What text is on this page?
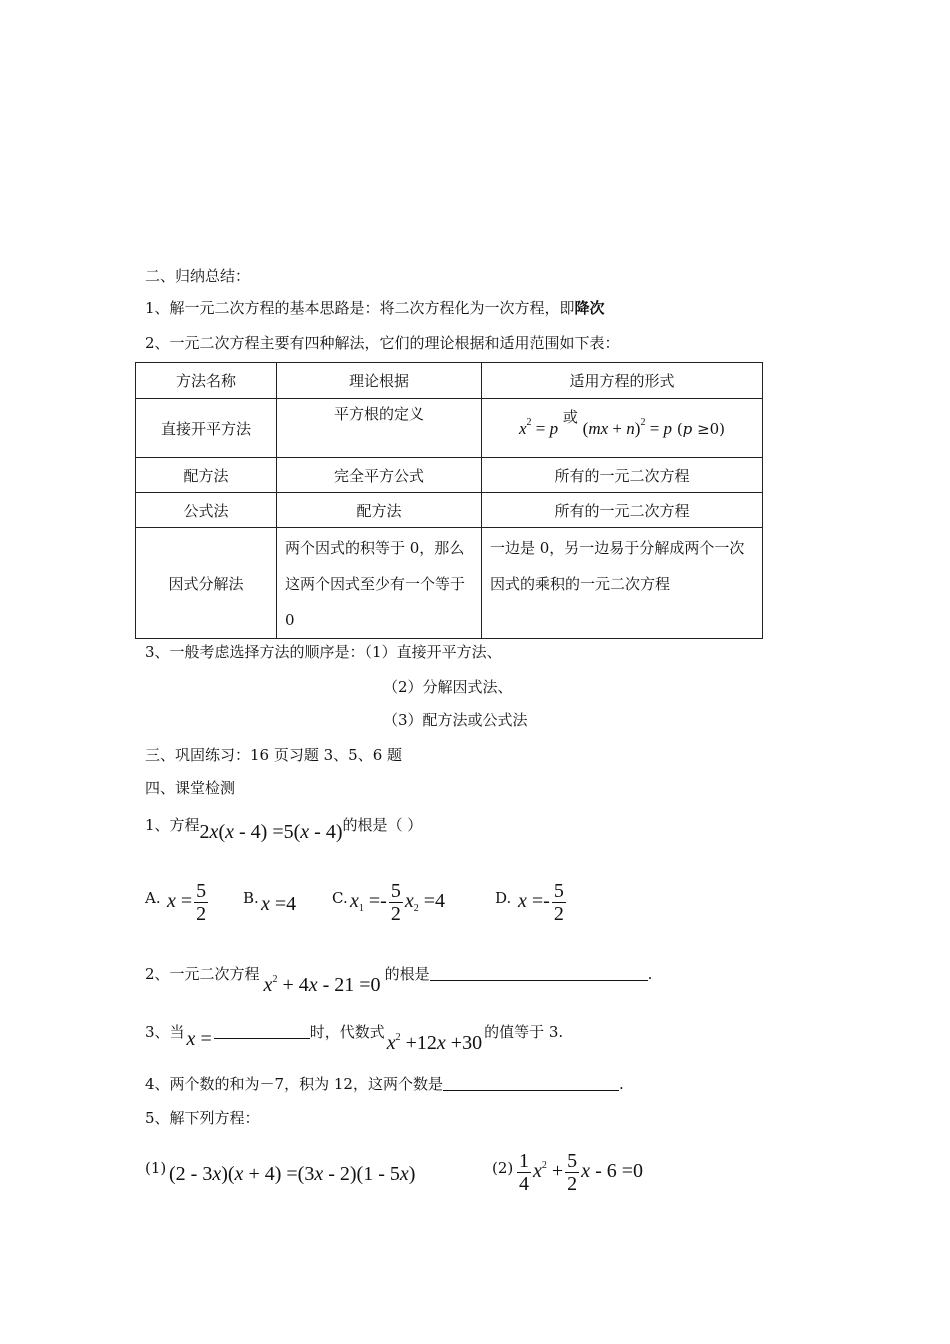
二、归纳总结：
1、解一元二次方程的基本思路是：将二次方程化为一次方程，即降次
2、一元二次方程主要有四种解法，它们的理论根据和适用范围如下表：
方法名称	理论根据	适用方程的形式
直接开平方法	平方根的定义	$x^2 = p$ 或 (mx + n)$^2$ = p (p ≥0)
配方法	完全平方公式	所有的一元二次方程
公式法	配方法	所有的一元二次方程
因式分解法	两个因式的积等于 0，那么这两个因式至少有一个等于 0	一边是 0，另一边易于分解成两个一次因式的乘积的一元二次方程
3、一般考虑选择方法的顺序是：（1）直接开平方法、
（2）分解因式法、
（3）配方法或公式法
三、巩固练习：16 页习题 3、5、6 题
四、课堂检测
1、方程2x(x - 4) =5(x - 4)的根是（ ）
A. $x = \frac{5}{2} B$. x =4 C. $x_1 =- \frac{5}{2} x_2 =4$	D. $x =- \frac{5}{2}$
2、一元二次方程 $x^2 + 4x - 21 =0$ 的根是	.
3、当 x =	时，代数式 $x^2 +12x +30$ 的值等于 3.
4、两个数的和为－7，积为 12，这两个数是	.
5、解下列方程：
(1) (2 - 3x)(x + 4) =(3x - 2)(1 - 5x)	$(2) \frac{1}{4} x^2 + \frac{5}{2}$ x - 6 =0
